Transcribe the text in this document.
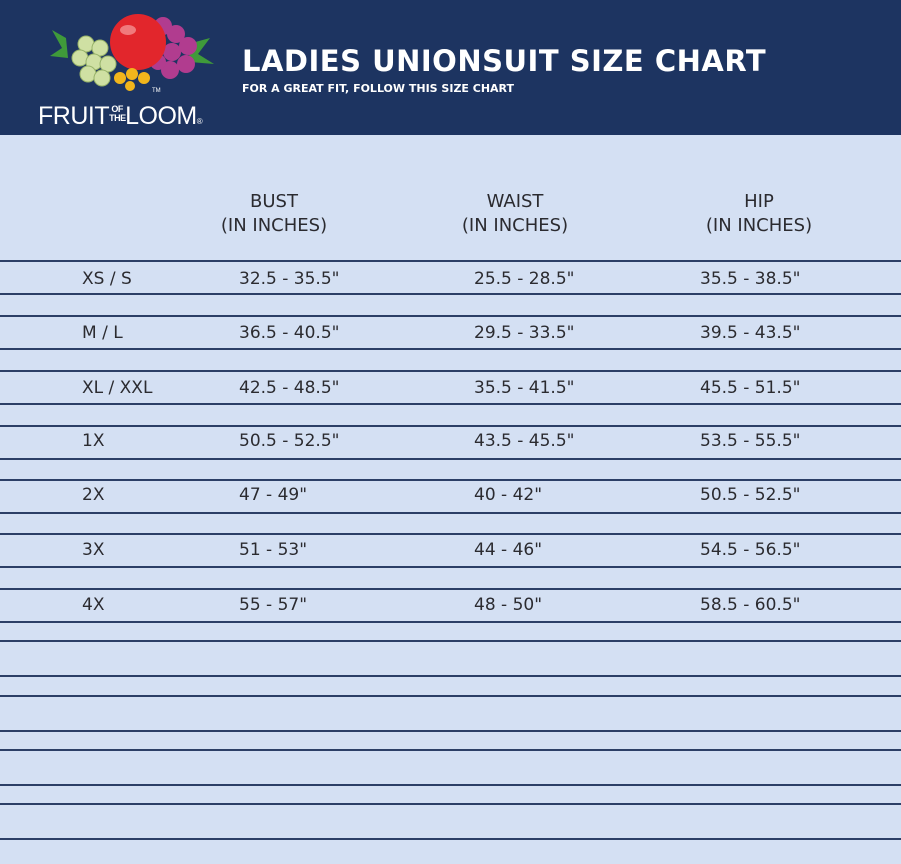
TM
FRUIT OF
THELOOM®
LADIES UNIONSUIT SIZE CHART
FOR A GREAT FIT, FOLLOW THIS SIZE CHART
BUST
(IN INCHES)
WAIST
(IN INCHES)
HIP
(IN INCHES)
XS / S	32.5 - 35.5"	25.5 - 28.5"	35.5 - 38.5"
M / L	36.5 - 40.5"	29.5 - 33.5"	39.5 - 43.5"
XL / XXL	42.5 - 48.5"	35.5 - 41.5"	45.5 - 51.5"
1X	50.5 - 52.5"	43.5 - 45.5"	53.5 - 55.5"
2X	47 - 49"	40 - 42"	50.5 - 52.5"
3X	51 - 53"	44 - 46"	54.5 - 56.5"
4X	55 - 57"	48 - 50"	58.5 - 60.5"
